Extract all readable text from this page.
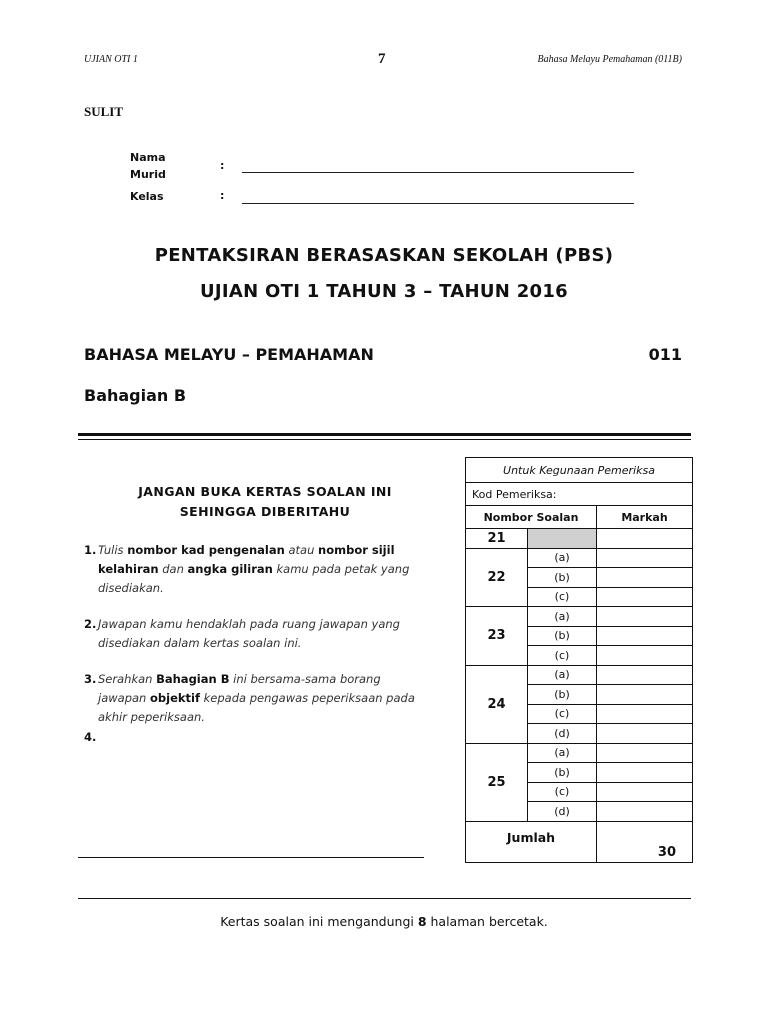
UJIAN OTI 1	7	Bahasa Melayu Pemahaman (011B)
SULIT
Nama
Murid
:
Kelas	:
PENTAKSIRAN BERASASKAN SEKOLAH (PBS)
UJIAN OTI 1 TAHUN 3 – TAHUN 2016
BAHASA MELAYU – PEMAHAMAN	011
Bahagian B
JANGAN BUKA KERTAS SOALAN INI
SEHINGGA DIBERITAHU
1. Tulis nombor kad pengenalan atau nombor sijil kelahiran dan angka giliran kamu pada petak yang disediakan.
2. Jawapan kamu hendaklah pada ruang jawapan yang disediakan dalam kertas soalan ini.
3. Serahkan Bahagian B ini bersama-sama borang jawapan objektif kepada pengawas peperiksaan pada akhir peperiksaan.
4.
Untuk Kegunaan Pemeriksa		
Kod Pemeriksa:		
Nombor Soalan		Markah
21		
22	(a)	
	(b)	
	(c)	
23	(a)	
	(b)	
	(c)	
24	(a)	
	(b)	
	(c)	
	(d)	
25	(a)	
	(b)	
	(c)	
	(d)	
Jumlah		30
Kertas soalan ini mengandungi 8 halaman bercetak.
